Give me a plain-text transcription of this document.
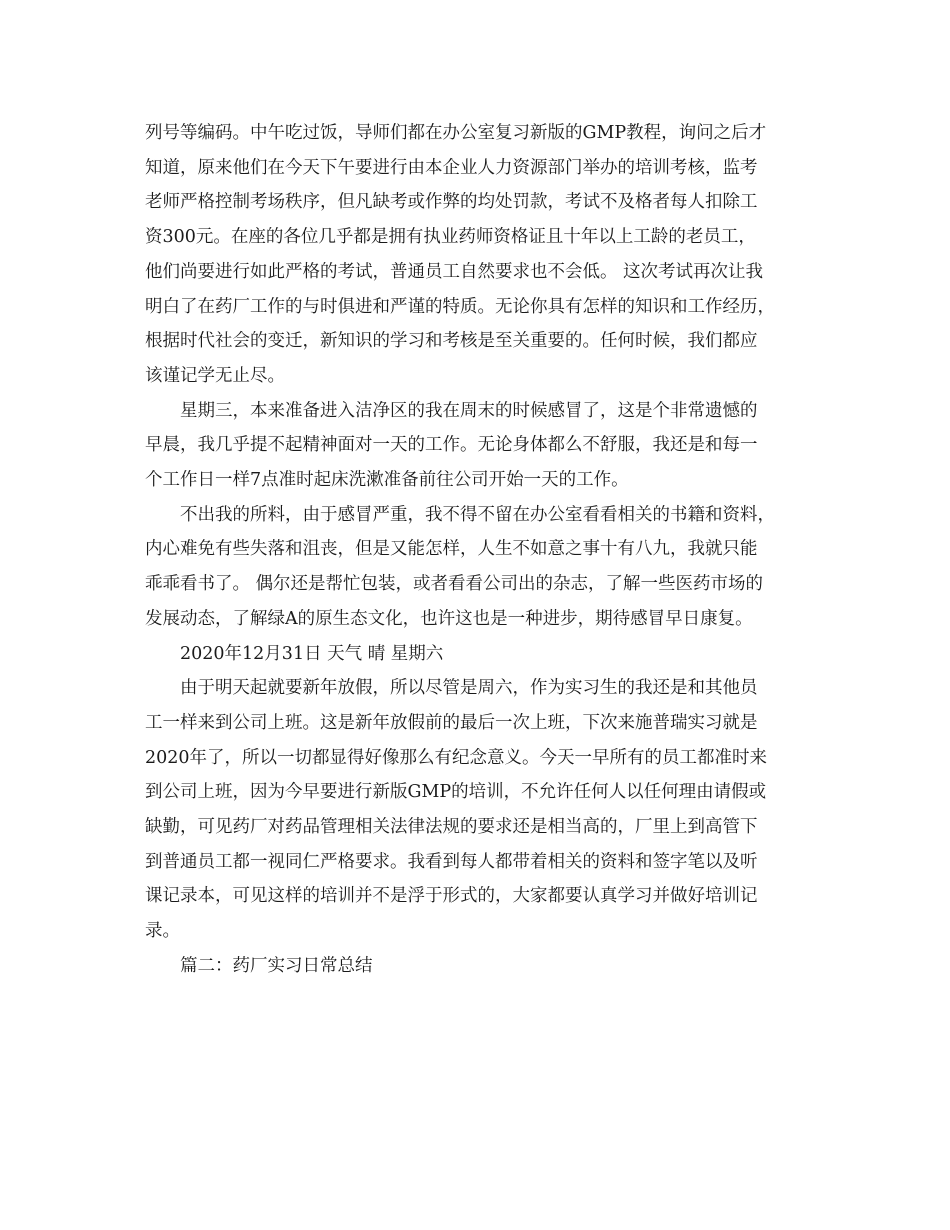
列号等编码。中午吃过饭，导师们都在办公室复习新版的GMP教程，询问之后才
知道，原来他们在今天下午要进行由本企业人力资源部门举办的培训考核，监考
老师严格控制考场秩序，但凡缺考或作弊的均处罚款，考试不及格者每人扣除工
资300元。在座的各位几乎都是拥有执业药师资格证且十年以上工龄的老员工，
他们尚要进行如此严格的考试，普通员工自然要求也不会低。 这次考试再次让我
明白了在药厂工作的与时俱进和严谨的特质。无论你具有怎样的知识和工作经历，
根据时代社会的变迁，新知识的学习和考核是至关重要的。任何时候，我们都应
该谨记学无止尽。

星期三，本来准备进入洁净区的我在周末的时候感冒了，这是个非常遗憾的
早晨，我几乎提不起精神面对一天的工作。无论身体都么不舒服，我还是和每一
个工作日一样7点准时起床洗漱准备前往公司开始一天的工作。

不出我的所料，由于感冒严重，我不得不留在办公室看看相关的书籍和资料，
内心难免有些失落和沮丧，但是又能怎样，人生不如意之事十有八九，我就只能
乖乖看书了。 偶尔还是帮忙包装，或者看看公司出的杂志，了解一些医药市场的
发展动态，了解绿A的原生态文化，也许这也是一种进步，期待感冒早日康复。

2020年12月31日 天气 晴 星期六

由于明天起就要新年放假，所以尽管是周六，作为实习生的我还是和其他员
工一样来到公司上班。这是新年放假前的最后一次上班，下次来施普瑞实习就是
2020年了，所以一切都显得好像那么有纪念意义。今天一早所有的员工都准时来
到公司上班，因为今早要进行新版GMP的培训，不允许任何人以任何理由请假或
缺勤，可见药厂对药品管理相关法律法规的要求还是相当高的，厂里上到高管下
到普通员工都一视同仁严格要求。我看到每人都带着相关的资料和签字笔以及听
课记录本，可见这样的培训并不是浮于形式的，大家都要认真学习并做好培训记
录。

篇二：药厂实习日常总结
